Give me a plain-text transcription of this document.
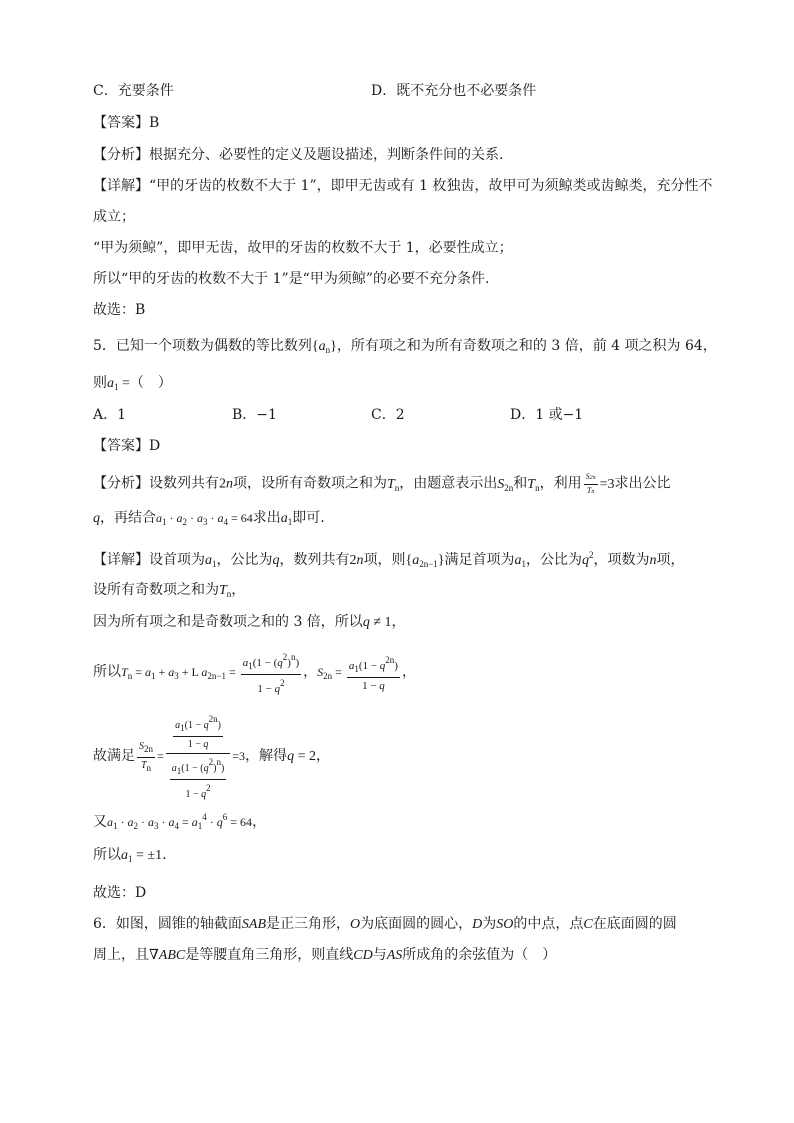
C．充要条件	D．既不充分也不必要条件
【答案】B
【分析】根据充分、必要性的定义及题设描述，判断条件间的关系.
【详解】“甲的牙齿的枚数不大于 1”，即甲无齿或有 1 枚独齿，故甲可为须鲸类或齿鲸类，充分性不
成立；
“甲为须鲸”，即甲无齿，故甲的牙齿的枚数不大于 1，必要性成立；
所以“甲的牙齿的枚数不大于 1”是“甲为须鲸”的必要不充分条件.
故选：B
5．已知一个项数为偶数的等比数列$\{a_n\}$，所有项之和为所有奇数项之和的 3 倍，前 4 项之积为 64，
则$a_1$ =（　）
A．1	B．−1	C．2	D．1 或−1
【答案】D
【分析】设数列共有2n项，设所有奇数项之和为$T_n$，由题意表示出$S_{2n}$和$T_n$，利用 $\frac{S2n}{Tn} =3$求出公比
q，再结合$a_1 \cdot a_2 \cdot a_3 \cdot a_4 = 64$求出$a_1$即可.
【详解】设首项为$a_1$，公比为q，数列共有2n项，则$\{a_{2n-1}\}$满足首项为$a_1$，公比为$q^2$，项数为n项，
设所有奇数项之和为$T_n$，
因为所有项之和是奇数项之和的 3 倍，所以q ≠ 1，
所以$T_n = a_1 + a_3 + L$ $a_{2n-1} = \frac{a_1(1 - (q^2)^n)}{1 - q^2}$ ，$S_{2n} = \frac{a_1(1 - q^{2n})}{1 - q}$ ，
故满足 $\frac{S2n}{Tn} = \frac{\frac{a1(1 - q2n)}{1 - q}}{\frac{a1(1 - (q2)n)}{1 - q2}} =3$，解得q = 2，
又$a_1 \cdot a_2 \cdot a_3 \cdot a_4 = a_1^4 \cdot q^6 = 64$，
所以$a_1 = \pm 1$.
故选：D
6．如图，圆锥的轴截面SAB是正三角形，O为底面圆的圆心，D为SO的中点，点C在底面圆的圆
周上，且∇ABC是等腰直角三角形，则直线CD与AS所成角的余弦值为（　）
